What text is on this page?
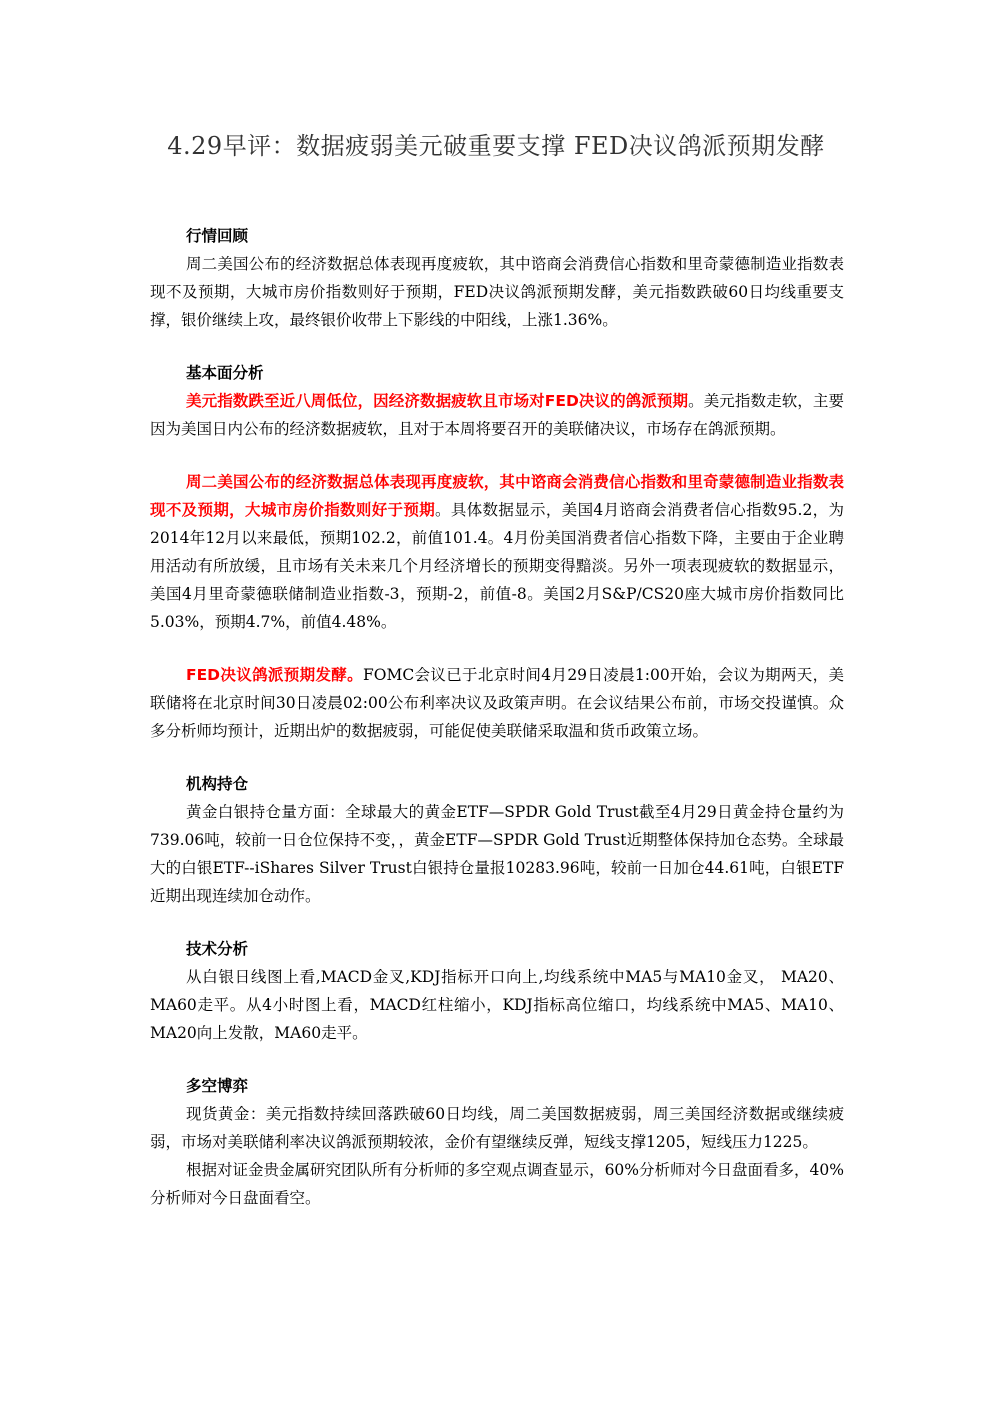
4.29早评：数据疲弱美元破重要支撑 FED决议鸽派预期发酵
行情回顾

周二美国公布的经济数据总体表现再度疲软，其中谘商会消费信心指数和里奇蒙德制造业指数表现不及预期，大城市房价指数则好于预期，FED决议鸽派预期发酵，美元指数跌破60日均线重要支撑，银价继续上攻，最终银价收带上下影线的中阳线，上涨1.36%。

基本面分析

美元指数跌至近八周低位，因经济数据疲软且市场对FED决议的鸽派预期。美元指数走软，主要因为美国日内公布的经济数据疲软，且对于本周将要召开的美联储决议，市场存在鸽派预期。

周二美国公布的经济数据总体表现再度疲软，其中谘商会消费信心指数和里奇蒙德制造业指数表现不及预期，大城市房价指数则好于预期。具体数据显示，美国4月谘商会消费者信心指数95.2，为2014年12月以来最低，预期102.2，前值101.4。4月份美国消费者信心指数下降，主要由于企业聘用活动有所放缓，且市场有关未来几个月经济增长的预期变得黯淡。另外一项表现疲软的数据显示，美国4月里奇蒙德联储制造业指数-3，预期-2，前值-8。美国2月S&P/CS20座大城市房价指数同比5.03%，预期4.7%，前值4.48%。

FED决议鸽派预期发酵。FOMC会议已于北京时间4月29日凌晨1:00开始，会议为期两天，美联储将在北京时间30日凌晨02:00公布利率决议及政策声明。在会议结果公布前，市场交投谨慎。众多分析师均预计，近期出炉的数据疲弱，可能促使美联储采取温和货币政策立场。

机构持仓

黄金白银持仓量方面：全球最大的黄金ETF—SPDR Gold Trust截至4月29日黄金持仓量约为739.06吨，较前一日仓位保持不变，，黄金ETF—SPDR Gold Trust近期整体保持加仓态势。全球最大的白银ETF--iShares Silver Trust白银持仓量报10283.96吨，较前一日加仓44.61吨，白银ETF近期出现连续加仓动作。

技术分析

从白银日线图上看,MACD金叉,KDJ指标开口向上,均线系统中MA5与MA10金叉， MA20、MA60走平。从4小时图上看，MACD红柱缩小，KDJ指标高位缩口，均线系统中MA5、MA10、MA20向上发散，MA60走平。

多空博弈

现货黄金：美元指数持续回落跌破60日均线，周二美国数据疲弱，周三美国经济数据或继续疲弱，市场对美联储利率决议鸽派预期较浓，金价有望继续反弹，短线支撑1205，短线压力1225。

根据对证金贵金属研究团队所有分析师的多空观点调查显示，60%分析师对今日盘面看多，40%分析师对今日盘面看空。
